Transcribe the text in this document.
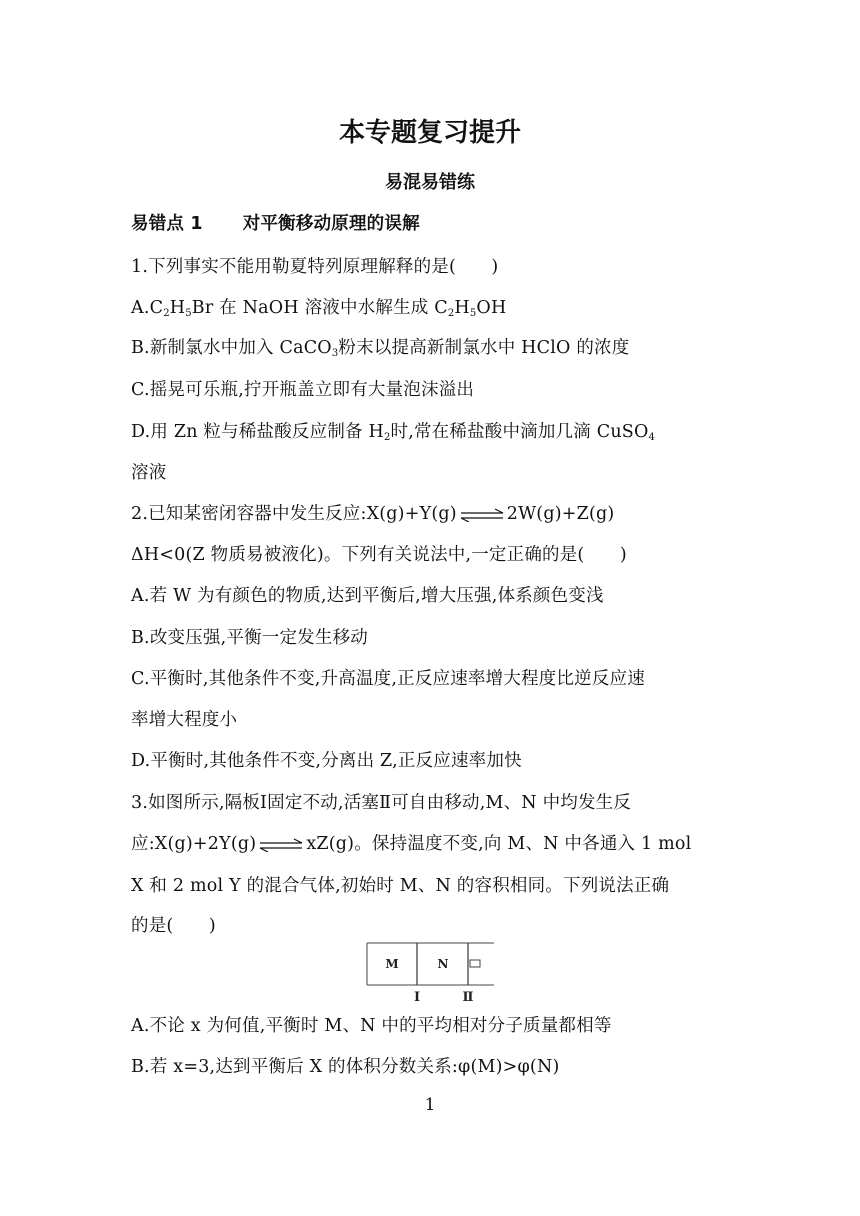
本专题复习提升
易混易错练
易错点 1 对平衡移动原理的误解
1.下列事实不能用勒夏特列原理解释的是(　　)
$A.C_2H_5Br$ 在 NaOH 溶液中水解生成 $C_2H_5OH$
B.新制氯水中加入 CaCO$_3$粉末以提高新制氯水中 HClO 的浓度
C.摇晃可乐瓶,拧开瓶盖立即有大量泡沫溢出
D.用 Zn 粒与稀盐酸反应制备 $H_2$时,常在稀盐酸中滴加几滴 CuSO$_4$
溶液
2.已知某密闭容器中发生反应:X(g)+Y(g) ⇌ 2W(g)+Z(g)
ΔH<0(Z 物质易被液化)。下列有关说法中,一定正确的是(　　)
A.若 W 为有颜色的物质,达到平衡后,增大压强,体系颜色变浅
B.改变压强,平衡一定发生移动
C.平衡时,其他条件不变,升高温度,正反应速率增大程度比逆反应速
率增大程度小
D.平衡时,其他条件不变,分离出 Z,正反应速率加快
3.如图所示,隔板Ⅰ固定不动,活塞Ⅱ可自由移动,M、N 中均发生反
应:X(g)+2Y(g) ⇌ xZ(g)。保持温度不变,向 M、N 中各通入 1 mol
X 和 2 mol Y 的混合气体,初始时 M、N 的容积相同。下列说法正确
的是(　　)
M	N
Ⅰ	Ⅱ
A.不论 x 为何值,平衡时 M、N 中的平均相对分子质量都相等
B.若 x=3,达到平衡后 X 的体积分数关系:φ(M)>φ(N)
1
